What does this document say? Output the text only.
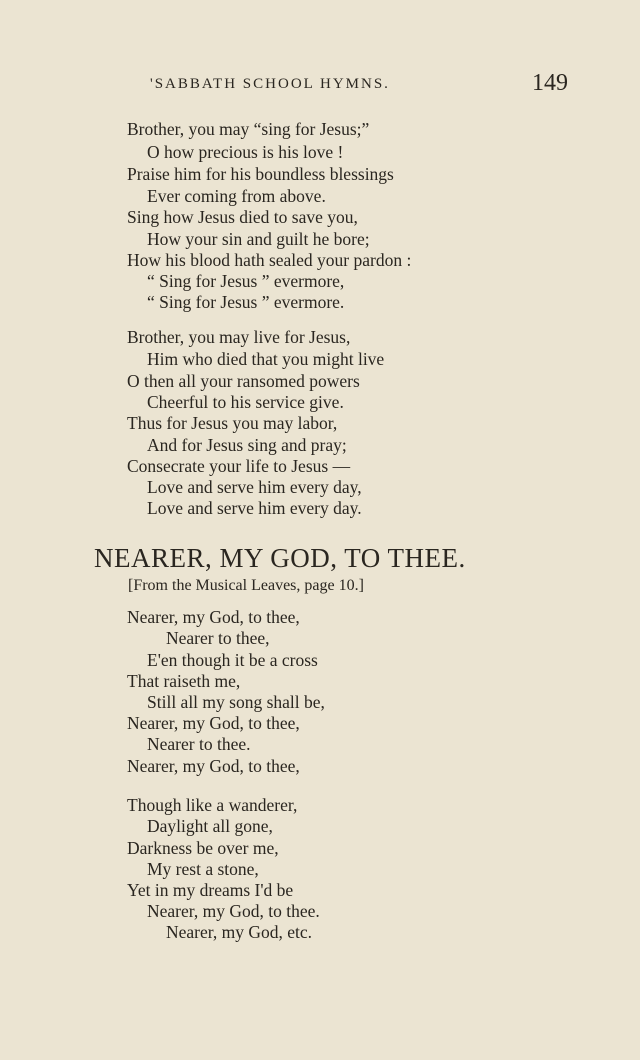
'SABBATH SCHOOL HYMNS.	149
Brother, you may “sing for Jesus;”
O how precious is his love !
Praise him for his boundless blessings
Ever coming from above.
Sing how Jesus died to save you,
How your sin and guilt he bore;
How his blood hath sealed your pardon :
“ Sing for Jesus ” evermore,
“ Sing for Jesus ” evermore.
Brother, you may live for Jesus,
Him who died that you might live
O then all your ransomed powers
Cheerful to his service give.
Thus for Jesus you may labor,
And for Jesus sing and pray;
Consecrate your life to Jesus —
Love and serve him every day,
Love and serve him every day.
NEARER, MY GOD, TO THEE.
[From the Musical Leaves, page 10.]
Nearer, my God, to thee,
Nearer to thee,
E'en though it be a cross
That raiseth me,
Still all my song shall be,
Nearer, my God, to thee,
Nearer to thee.
Nearer, my God, to thee,
Though like a wanderer,
Daylight all gone,
Darkness be over me,
My rest a stone,
Yet in my dreams I'd be
Nearer, my God, to thee.
Nearer, my God, etc.
